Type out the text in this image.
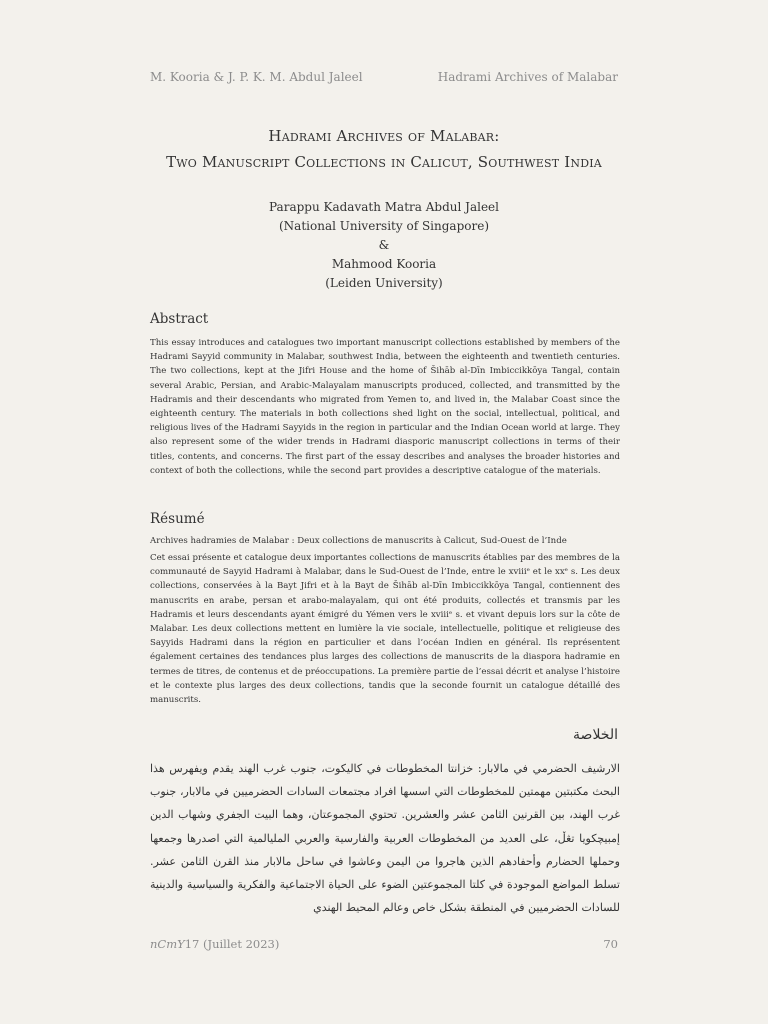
M. Kooria & J. P. K. M. Abdul Jaleel	Hadrami Archives of Malabar
Hadrami Archives of Malabar:
Two Manuscript Collections in Calicut, Southwest India
Parappu Kadavath Matra Abdul Jaleel
(National University of Singapore)
&
Mahmood Kooria
(Leiden University)
Abstract
This essay introduces and catalogues two important manuscript collections established by members of the Hadrami Sayyid community in Malabar, southwest India, between the eighteenth and twentieth centuries. The two collections, kept at the Jifri House and the home of Šihāb al-Dīn Imbiccikkōya Tangal, contain several Arabic, Persian, and Arabic-Malayalam manuscripts produced, collected, and transmitted by the Hadramis and their descendants who migrated from Yemen to, and lived in, the Malabar Coast since the eighteenth century. The materials in both collections shed light on the social, intellectual, political, and religious lives of the Hadrami Sayyids in the region in particular and the Indian Ocean world at large. They also represent some of the wider trends in Hadrami diasporic manuscript collections in terms of their titles, contents, and concerns. The first part of the essay describes and analyses the broader histories and context of both the collections, while the second part provides a descriptive catalogue of the materials.
Résumé
Archives hadramies de Malabar : Deux collections de manuscrits à Calicut, Sud-Ouest de l’Inde
Cet essai présente et catalogue deux importantes collections de manuscrits établies par des membres de la communauté de Sayyid Hadrami à Malabar, dans le Sud-Ouest de l’Inde, entre le xviiiᵉ et le xxᵉ s. Les deux collections, conservées à la Bayt Jifri et à la Bayt de Šihāb al-Dīn Imbiccikkōya Tangal, contiennent des manuscrits en arabe, persan et arabo-malayalam, qui ont été produits, collectés et transmis par les Hadramis et leurs descendants ayant émigré du Yémen vers le xviiiᵉ s. et vivant depuis lors sur la côte de Malabar. Les deux collections mettent en lumière la vie sociale, intellectuelle, politique et religieuse des Sayyids Hadrami dans la région en particulier et dans l’océan Indien en général. Ils représentent également certaines des tendances plus larges des collections de manuscrits de la diaspora hadramie en termes de titres, de contenus et de préoccupations. La première partie de l’essai décrit et analyse l’histoire et le contexte plus larges des deux collections, tandis que la seconde fournit un catalogue détaillé des manuscrits.
الخلاصة
الارشيف الحضرمي في مالابار: خزانتا المخطوطات في كاليكوت، جنوب غرب الهند يقدم ويفهرس هذا البحث مكتبتين مهمتين للمخطوطات التي اسسها افراد مجتمعات السادات الحضرميين في مالابار، جنوب غرب الهند، بين القرنين الثامن عشر والعشرين. تحتوي المجموعتان، وهما البيت الجفري وشهاب الدين إمبيچكويا تڠڵ، على العديد من المخطوطات العربية والفارسية والعربي المليالمية التي اصدرها وجمعها وحملها الحضارم وأحفادهم الذين هاجروا من اليمن وعاشوا في ساحل مالابار منذ القرن الثامن عشر. تسلط المواضع الموجودة في كلتا المجموعتين الضوء على الحياة الاجتماعية والفكرية والسياسية والدينية للسادات الحضرميين في المنطقة بشكل خاص وعالم المحيط الهندي
nCmY17 (Juillet 2023)	70
